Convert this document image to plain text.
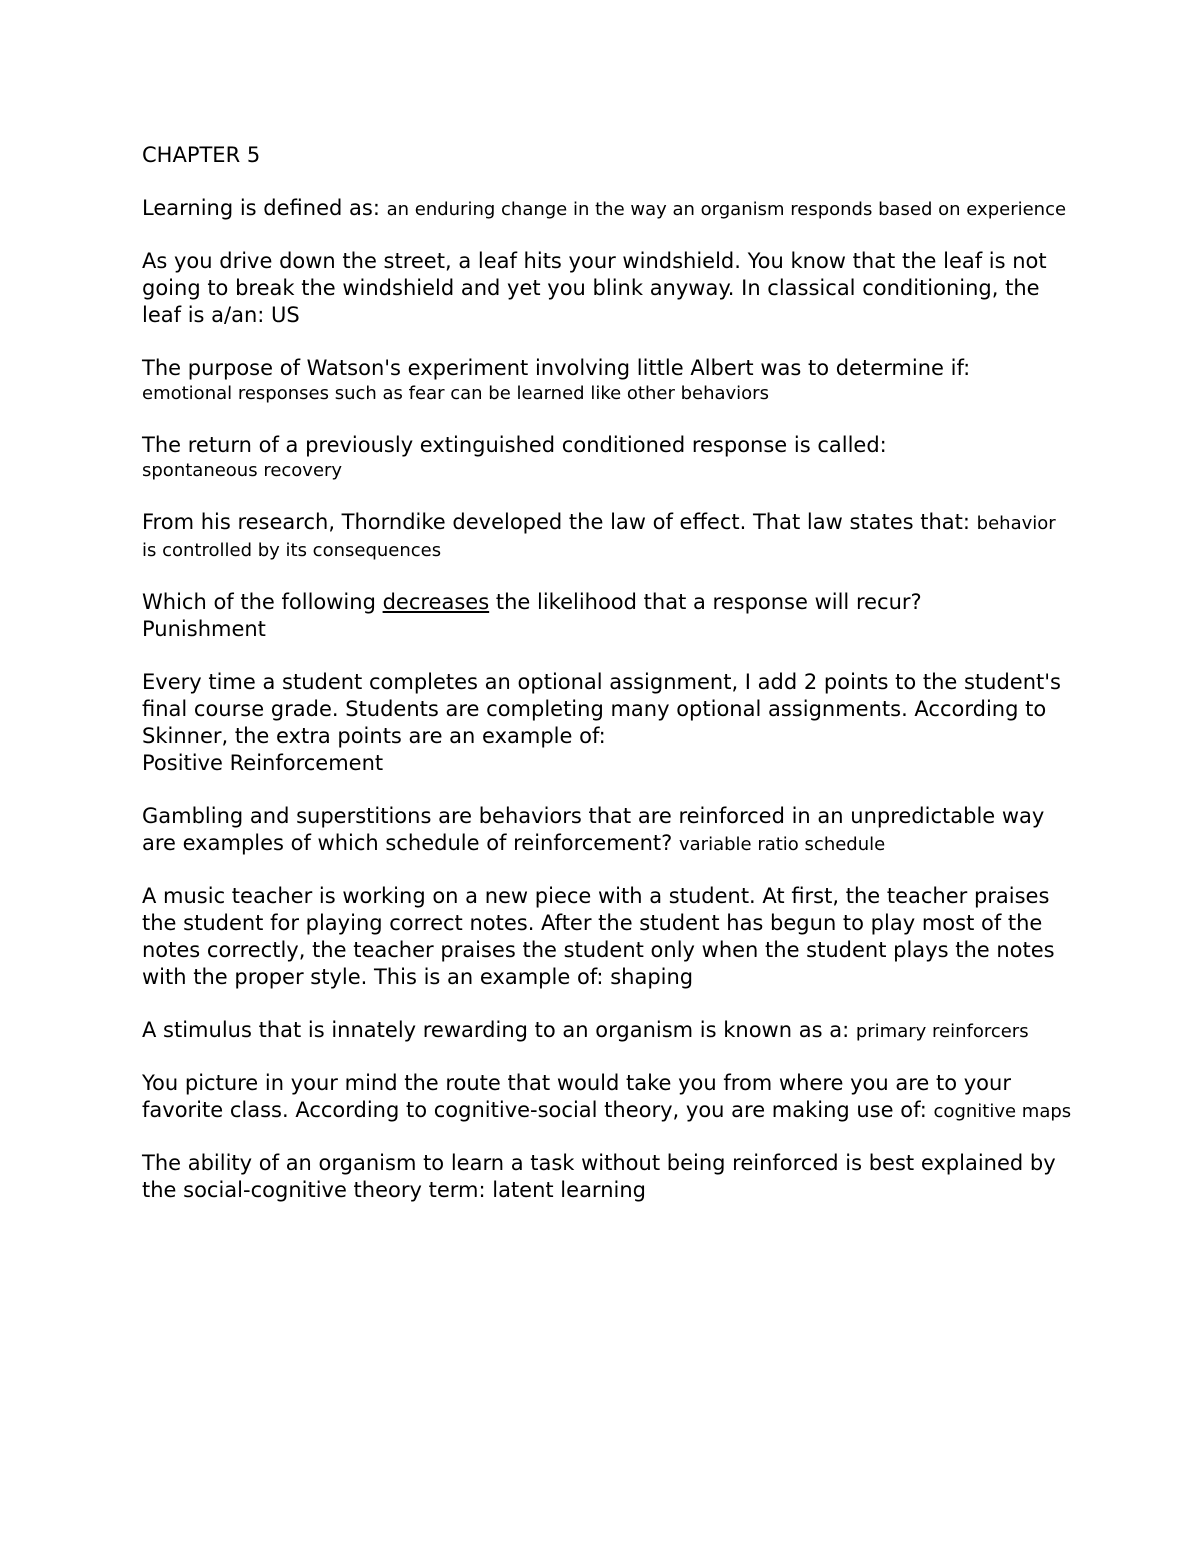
CHAPTER 5
Learning is defined as: an enduring change in the way an organism responds based on experience
As you drive down the street, a leaf hits your windshield. You know that the leaf is not going to break the windshield and yet you blink anyway. In classical conditioning, the leaf is a/an: US
The purpose of Watson's experiment involving little Albert was to determine if:
emotional responses such as fear can be learned like other behaviors
The return of a previously extinguished conditioned response is called:
spontaneous recovery
From his research, Thorndike developed the law of effect. That law states that: behavior is controlled by its consequences
Which of the following decreases the likelihood that a response will recur?
Punishment
Every time a student completes an optional assignment, I add 2 points to the student's final course grade. Students are completing many optional assignments. According to Skinner, the extra points are an example of:
Positive Reinforcement
Gambling and superstitions are behaviors that are reinforced in an unpredictable way are examples of which schedule of reinforcement? variable ratio schedule
A music teacher is working on a new piece with a student. At first, the teacher praises the student for playing correct notes. After the student has begun to play most of the notes correctly, the teacher praises the student only when the student plays the notes with the proper style. This is an example of: shaping
A stimulus that is innately rewarding to an organism is known as a: primary reinforcers
You picture in your mind the route that would take you from where you are to your favorite class. According to cognitive-social theory, you are making use of: cognitive maps
The ability of an organism to learn a task without being reinforced is best explained by the social-cognitive theory term: latent learning
